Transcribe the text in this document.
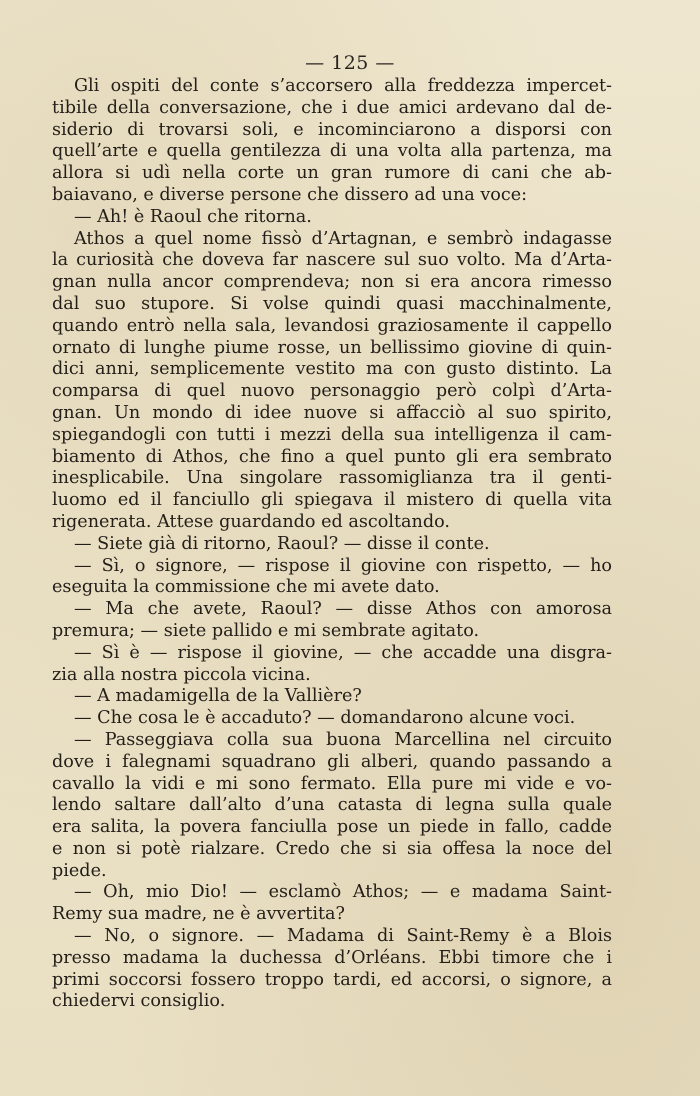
— 125 —
Gli ospiti del conte s’accorsero alla freddezza impercet-
tibile della conversazione, che i due amici ardevano dal de-
siderio di trovarsi soli, e incominciarono a disporsi con
quell’arte e quella gentilezza di una volta alla partenza, ma
allora si udì nella corte un gran rumore di cani che ab-
baiavano, e diverse persone che dissero ad una voce:
— Ah! è Raoul che ritorna.
Athos a quel nome fissò d’Artagnan, e sembrò indagasse
la curiosità che doveva far nascere sul suo volto. Ma d’Arta-
gnan nulla ancor comprendeva; non si era ancora rimesso
dal suo stupore. Si volse quindi quasi macchinalmente,
quando entrò nella sala, levandosi graziosamente il cappello
ornato di lunghe piume rosse, un bellissimo giovine di quin-
dici anni, semplicemente vestito ma con gusto distinto. La
comparsa di quel nuovo personaggio però colpì d’Arta-
gnan. Un mondo di idee nuove si affacciò al suo spirito,
spiegandogli con tutti i mezzi della sua intelligenza il cam-
biamento di Athos, che fino a quel punto gli era sembrato
inesplicabile. Una singolare rassomiglianza tra il genti-
luomo ed il fanciullo gli spiegava il mistero di quella vita
rigenerata. Attese guardando ed ascoltando.
— Siete già di ritorno, Raoul? — disse il conte.
— Sì, o signore, — rispose il giovine con rispetto, — ho
eseguita la commissione che mi avete dato.
— Ma che avete, Raoul? — disse Athos con amorosa
premura; — siete pallido e mi sembrate agitato.
— Sì è — rispose il giovine, — che accadde una disgra-
zia alla nostra piccola vicina.
— A madamigella de la Vallière?
— Che cosa le è accaduto? — domandarono alcune voci.
— Passeggiava colla sua buona Marcellina nel circuito
dove i falegnami squadrano gli alberi, quando passando a
cavallo la vidi e mi sono fermato. Ella pure mi vide e vo-
lendo saltare dall’alto d’una catasta di legna sulla quale
era salita, la povera fanciulla pose un piede in fallo, cadde
e non si potè rialzare. Credo che si sia offesa la noce del
piede.
— Oh, mio Dio! — esclamò Athos; — e madama Saint-
Remy sua madre, ne è avvertita?
— No, o signore. — Madama di Saint-Remy è a Blois
presso madama la duchessa d’Orléans. Ebbi timore che i
primi soccorsi fossero troppo tardi, ed accorsi, o signore, a
chiedervi consiglio.
